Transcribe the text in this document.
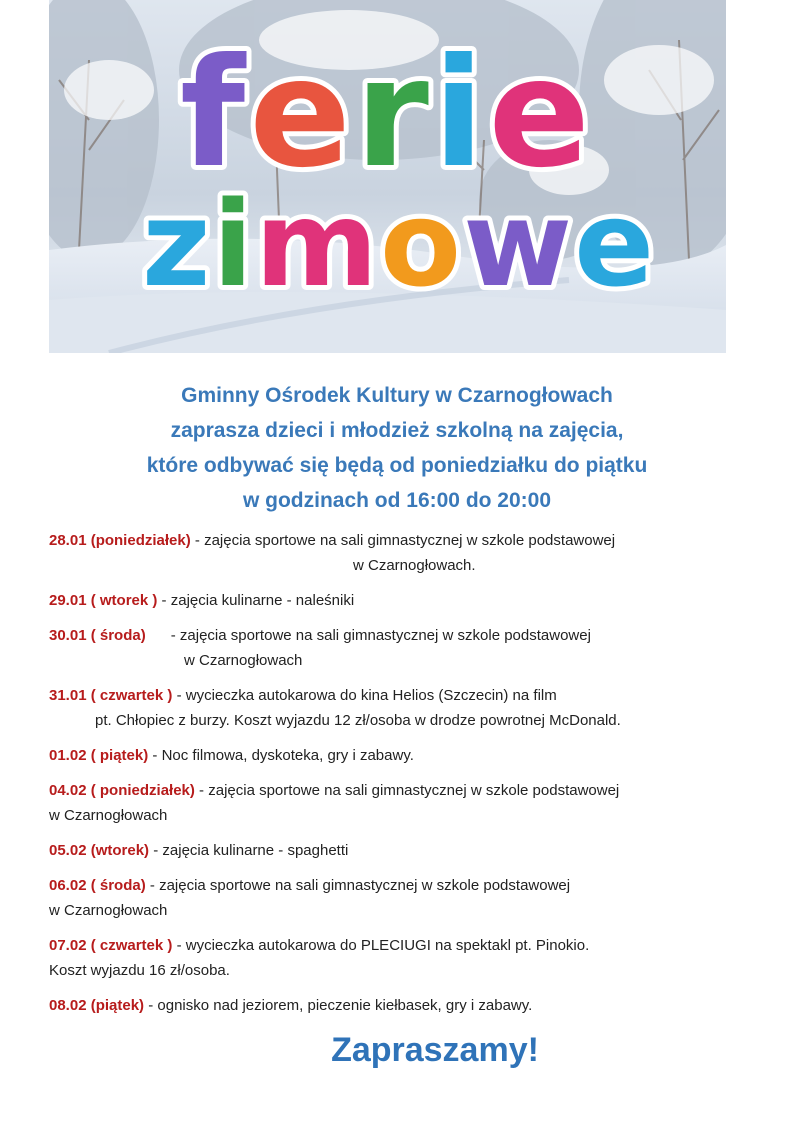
ferie
zimowe
Gminny Ośrodek Kultury w Czarnogłowach
zaprasza dzieci i młodzież szkolną na zajęcia,
które odbywać się będą od poniedziałku do piątku
w godzinach od 16:00 do 20:00
28.01 (poniedziałek) - zajęcia sportowe na sali gimnastycznej w szkole podstawowej
w Czarnogłowach.
29.01 ( wtorek ) - zajęcia kulinarne - naleśniki
30.01 ( środa)      - zajęcia sportowe na sali gimnastycznej w szkole podstawowej
w Czarnogłowach
31.01 ( czwartek ) - wycieczka autokarowa do kina Helios (Szczecin) na film
pt. Chłopiec z burzy. Koszt wyjazdu 12 zł/osoba w drodze powrotnej McDonald.
01.02 ( piątek) - Noc filmowa, dyskoteka, gry i zabawy.
04.02 ( poniedziałek) - zajęcia sportowe na sali gimnastycznej w szkole podstawowej
w Czarnogłowach
05.02 (wtorek) - zajęcia kulinarne - spaghetti
06.02 ( środa) - zajęcia sportowe na sali gimnastycznej w szkole podstawowej
w Czarnogłowach
07.02 ( czwartek ) - wycieczka autokarowa do PLECIUGI na spektakl pt. Pinokio.
Koszt wyjazdu 16 zł/osoba.
08.02 (piątek) - ognisko nad jeziorem, pieczenie kiełbasek, gry i zabawy.
Zapraszamy!
